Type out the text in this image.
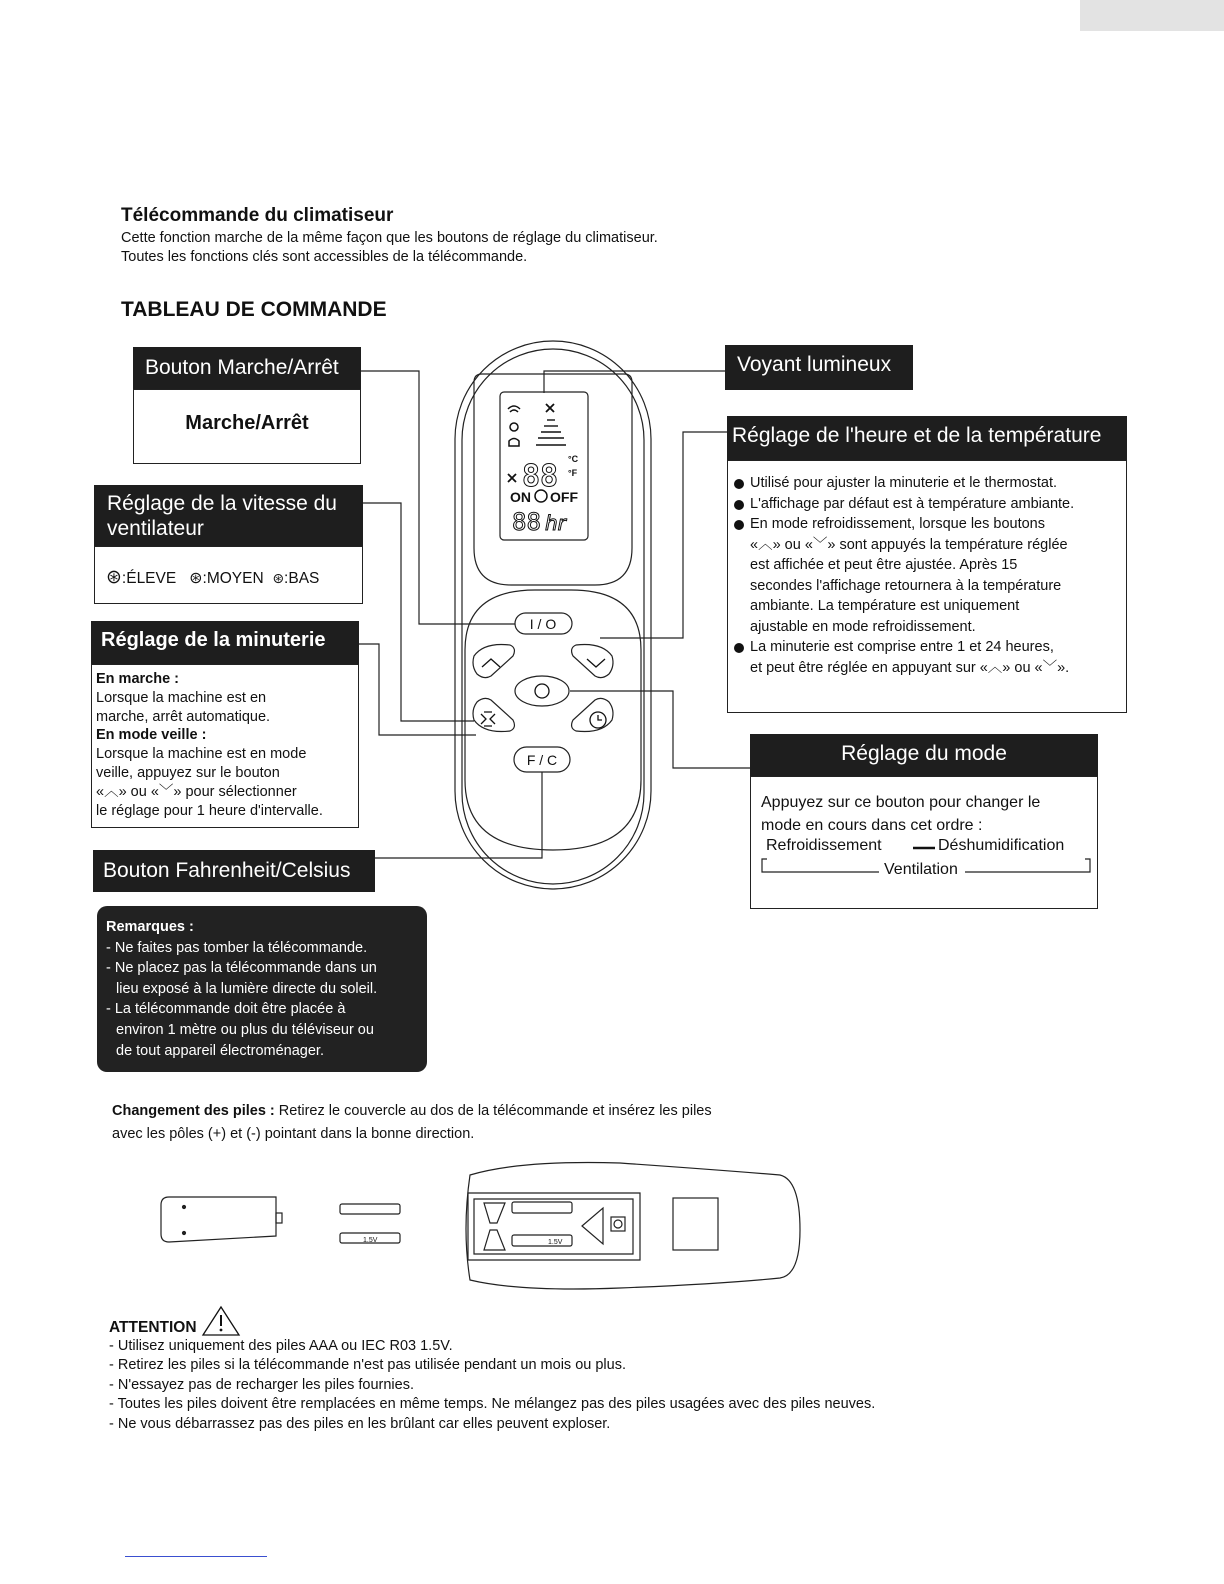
Télécommande du climatiseur
Cette fonction marche de la même façon que les boutons de réglage du climatiseur.
Toutes les fonctions clés sont accessibles de la télécommande.
TABLEAU DE COMMANDE
88 °C
°F
ON OFF
88 hr
I / O
F / C
Bouton Marche/Arrêt
Marche/Arrêt
Réglage de la vitesse du
ventilateur
⊛:ÉLEVE ⊛:MOYEN ⊛:BAS
Réglage de la minuterie
En marche :
Lorsque la machine est en
marche, arrêt automatique.
En mode veille :
Lorsque la machine est en mode
veille, appuyez sur le bouton
«︿» ou «﹀» pour sélectionner
le réglage pour 1 heure d'intervalle.
Bouton Fahrenheit/Celsius
Voyant lumineux
Réglage de l'heure et de la température
Utilisé pour ajuster la minuterie et le thermostat.
L'affichage par défaut est à température ambiante.
En mode refroidissement, lorsque les boutons
«︿» ou «﹀» sont appuyés la température réglée
est affichée et peut être ajustée. Après 15
secondes l'affichage retournera à la température
ambiante. La température est uniquement
ajustable en mode refroidissement.
La minuterie est comprise entre 1 et 24 heures,
et peut être réglée en appuyant sur «︿» ou «﹀».
Réglage du mode
Appuyez sur ce bouton pour changer le
mode en cours dans cet ordre :
Refroidissement	Déshumidification
Ventilation
Remarques :
- Ne faites pas tomber la télécommande.
- Ne placez pas la télécommande dans un
lieu exposé à la lumière directe du soleil.
- La télécommande doit être placée à
environ 1 mètre ou plus du téléviseur ou
de tout appareil électroménager.
Changement des piles : Retirez le couvercle au dos de la télécommande et insérez les piles
avec les pôles (+) et (-) pointant dans la bonne direction.
1.5V	1.5V
ATTENTION
- Utilisez uniquement des piles AAA ou IEC R03 1.5V.
- Retirez les piles si la télécommande n'est pas utilisée pendant un mois ou plus.
- N'essayez pas de recharger les piles fournies.
- Toutes les piles doivent être remplacées en même temps. Ne mélangez pas des piles usagées avec des piles neuves.
- Ne vous débarrassez pas des piles en les brûlant car elles peuvent exploser.
